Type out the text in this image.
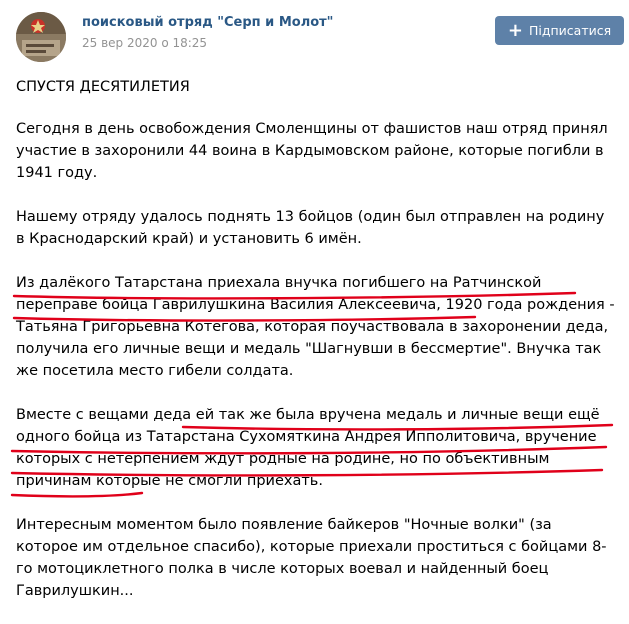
поисковый отряд "Серп и Молот"
25 вер 2020 о 18:25
+ Підписатися

СПУСТЯ ДЕСЯТИЛЕТИЯ

Сегодня в день освобождения Смоленщины от фашистов наш отряд принял участие в захоронили 44 воина в Кардымовском районе, которые погибли в 1941 году.

Нашему отряду удалось поднять 13 бойцов (один был отправлен на родину в Краснодарский край) и установить 6 имён.

Из далёкого Татарстана приехала внучка погибшего на Ратчинской переправе бойца Гаврилушкина Василия Алексеевича, 1920 года рождения - Татьяна Григорьевна Котегова, которая поучаствовала в захоронении деда, получила его личные вещи и медаль "Шагнувши в бессмертие". Внучка так же посетила место гибели солдата.

Вместе с вещами деда ей так же была вручена медаль и личные вещи ещё одного бойца из Татарстана Сухомяткина Андрея Ипполитовича, вручение которых с нетерпением ждут родные на родине, но по объективным причинам которые не смогли приехать.

Интересным моментом было появление байкеров "Ночные волки" (за которое им отдельное спасибо), которые приехали проститься с бойцами 8-го мотоциклетного полка в числе которых воевал и найденный боец Гаврилушкин...
